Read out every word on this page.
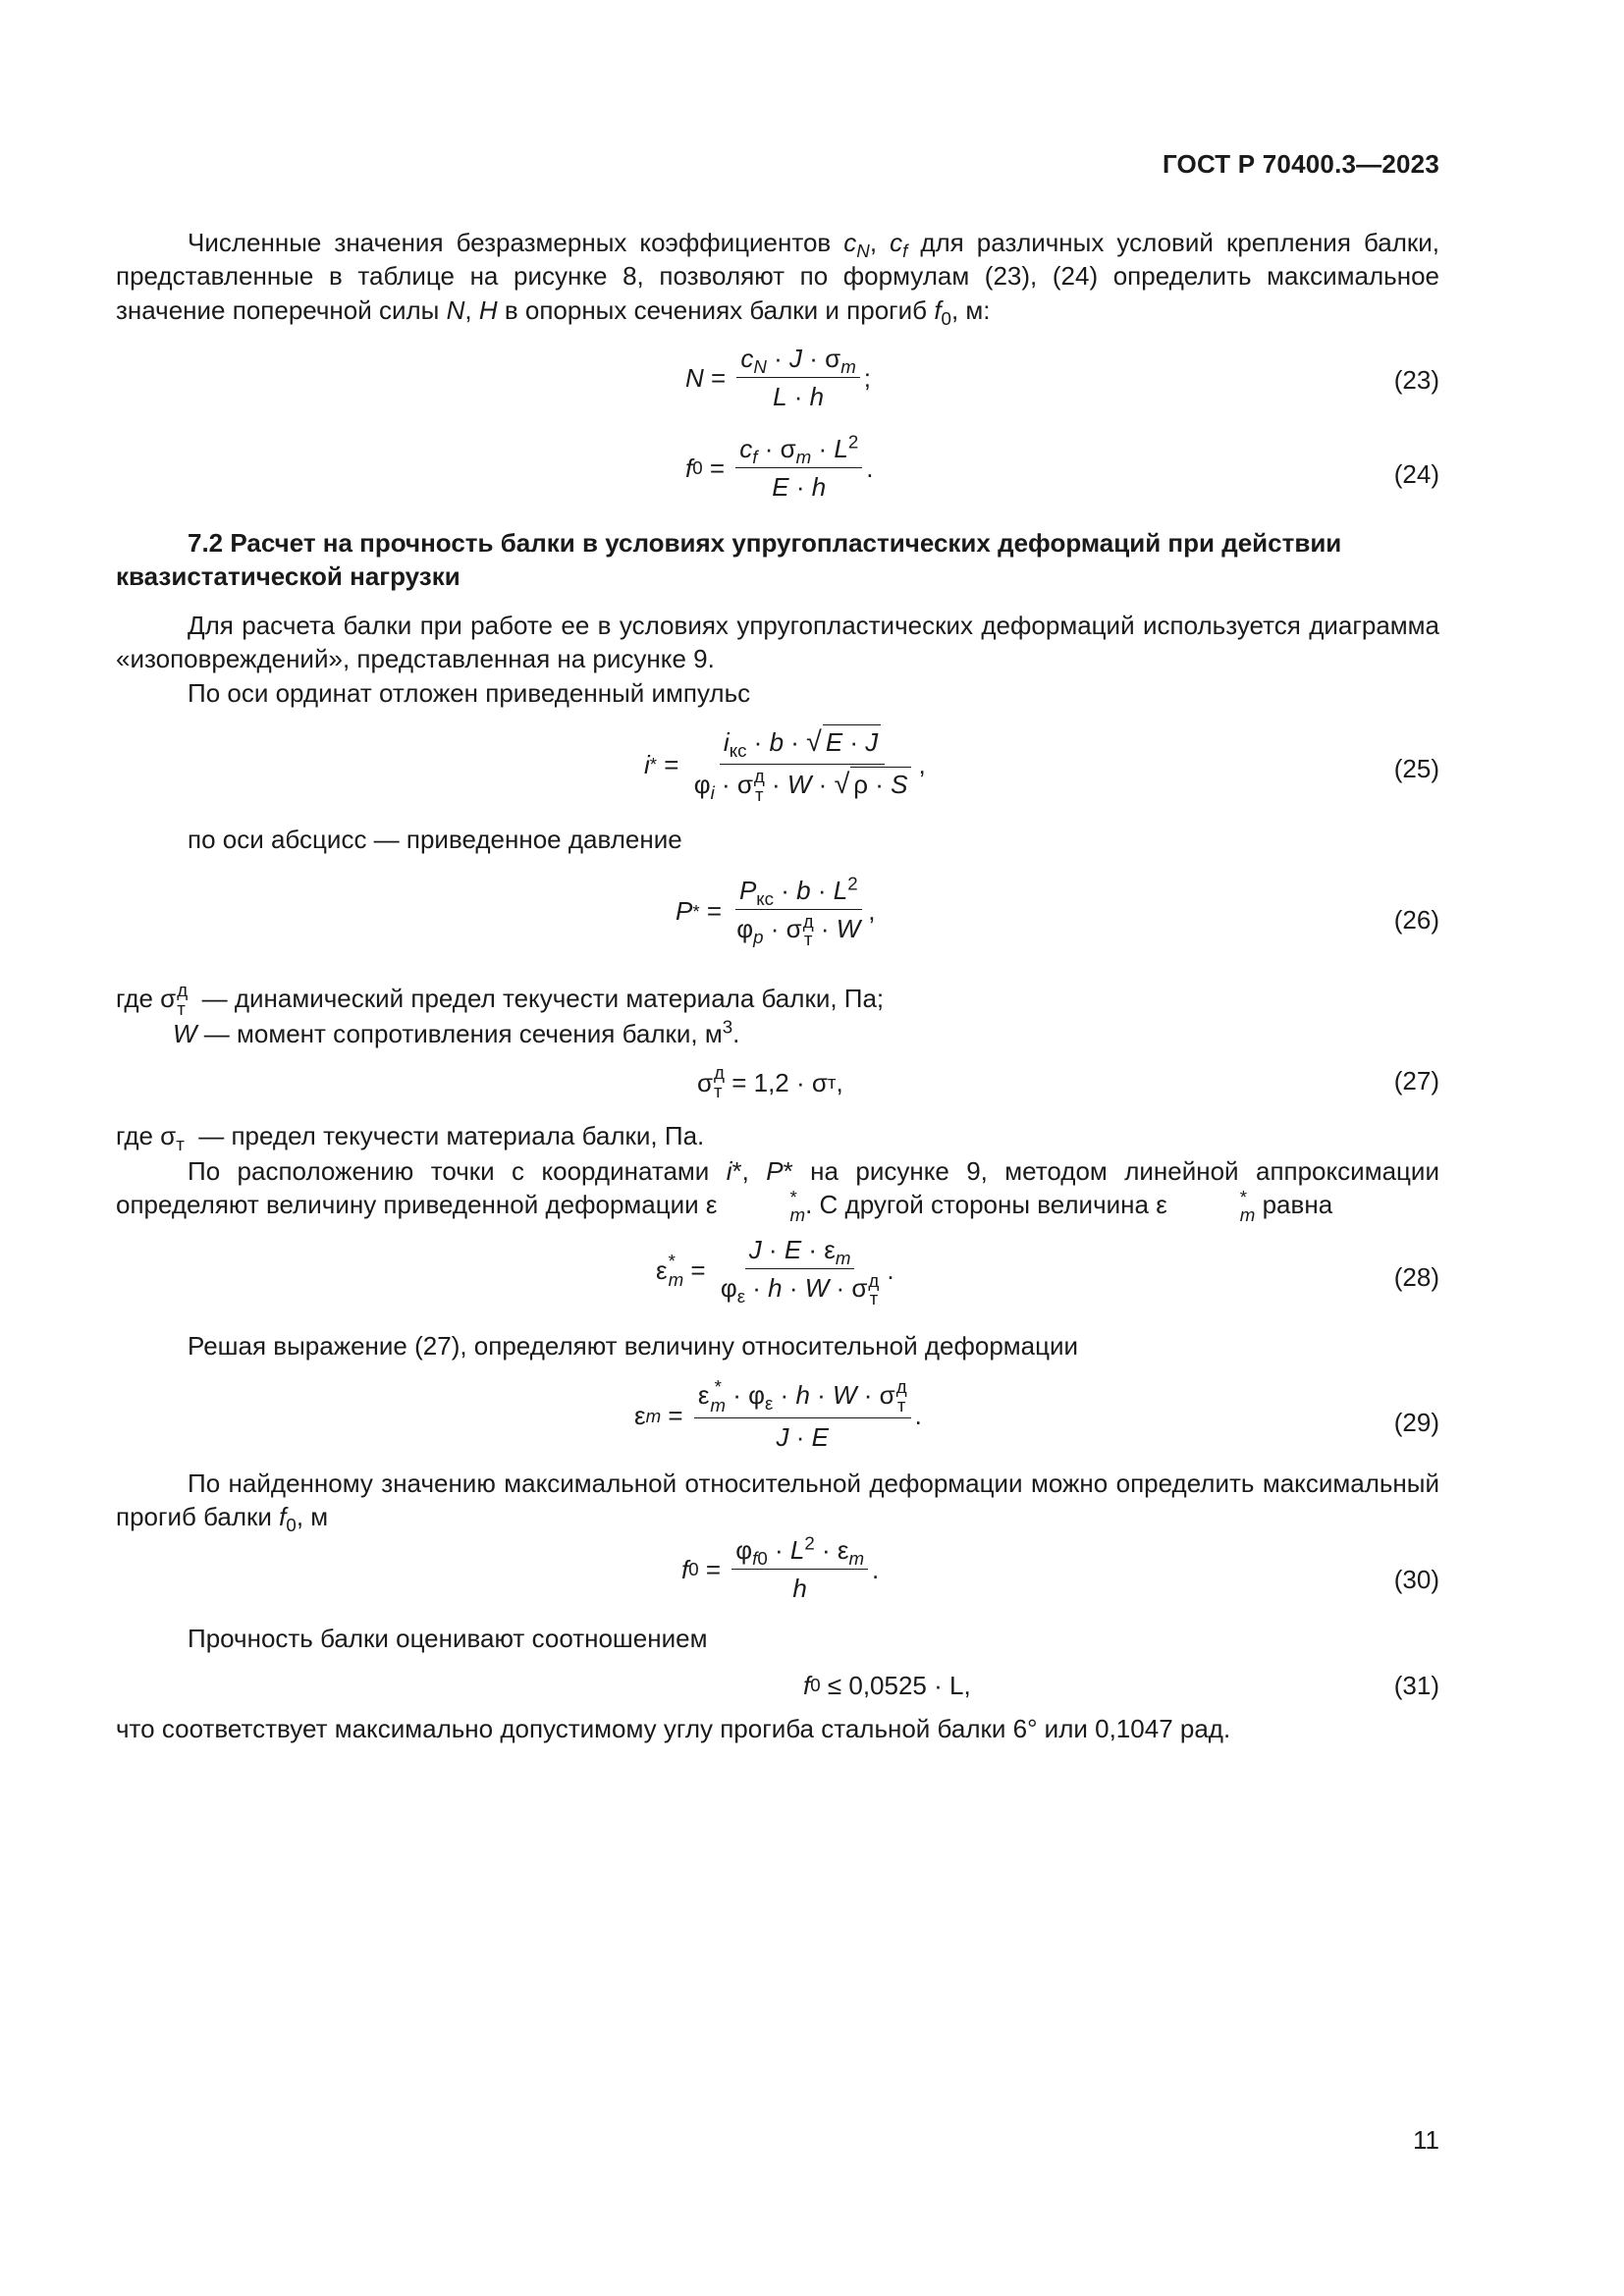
ГОСТ Р 70400.3—2023

Численные значения безразмерных коэффициентов $c_N$, $c_f$ для различных условий крепления балки, представленные в таблице на рисунке 8, позволяют по формулам (23), (24) определить максимальное значение поперечной силы N, H в опорных сечениях балки и прогиб $f_0$, м:

$N = \frac{c_N \cdot J \cdot \sigma_m}{L \cdot h}$ ;	(23)
f $0 = \frac{c_f \cdot \sigma_m \cdot L^2}{E \cdot h}$ .	(24)

7.2 Расчет на прочность балки в условиях упругопластических деформаций при действии квазистатической нагрузки

Для расчета балки при работе ее в условиях упругопластических деформаций используется диаграмма «изоповреждений», представленная на рисунке 9.

По оси ординат отложен приведенный импульс

i * = $i_{кс} \cdot b$ · √ E · J
$\varphi_i \cdot \sigma$ д
т · W · √ ρ · S ,	(25)

по оси абсцисс — приведенное давление

P * = $P_{кс} \cdot b \cdot L^2$
$\varphi_p \cdot \sigma$ д
т · W ,	(26)
где σ д
т — динамический предел текучести материала балки, Па;
W — момент сопротивления сечения балки, $м^3$.
σ д
т
= 1,2 · σ т ,	(27)
где $\sigma_т$ — предел текучести материала балки, Па.

По расположению точки с координатами i*, P* на рисунке 9, методом линейной аппроксимации определяют величину приведенной деформации ε	*
m . С другой стороны величина ε	*
m равна

ε *
$m = J \cdot E \cdot \varepsilon_m$
$\varphi_\varepsilon \cdot h \cdot W \cdot \sigma$ д
т .	(28)

Решая выражение (27), определяют величину относительной деформации

ε m = ε *
$m \cdot \varphi_\varepsilon \cdot h \cdot W \cdot \sigma$ д
т
J · E .	(29)

По найденному значению максимальной относительной деформации можно определить максимальный прогиб балки $f_0$, м

f $0 = \frac{\varphi_{f0} \cdot L^2 \cdot \varepsilon_m}{h}$ .	(30)

Прочность балки оценивают соотношением

f 0
≤ 0,0525 · L,	(31)

что соответствует максимально допустимому углу прогиба стальной балки 6° или 0,1047 рад.

11
